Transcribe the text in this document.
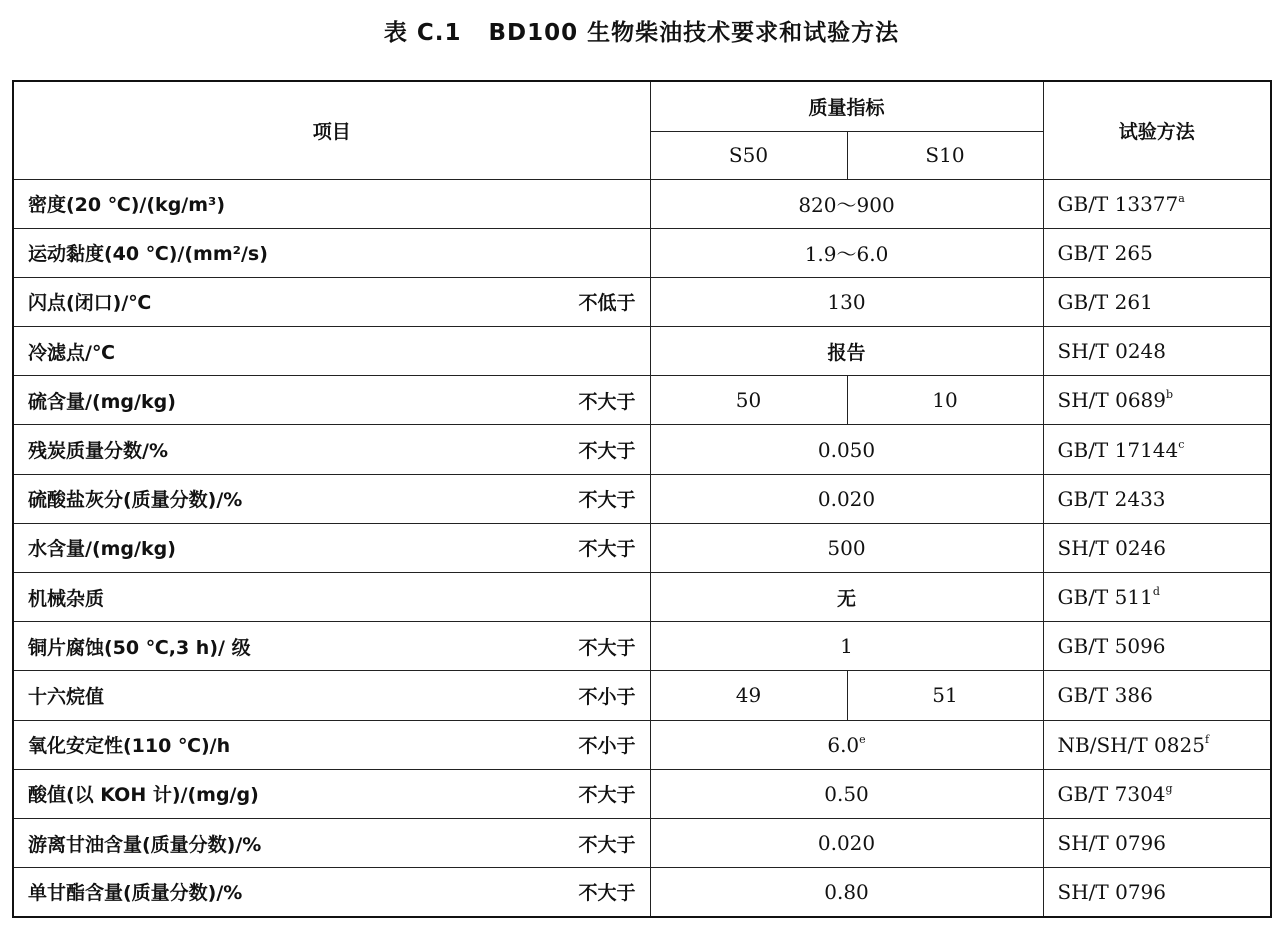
表 C.1   BD100 生物柴油技术要求和试验方法
项目	质量指标		试验方法
	S50	S10	

密度(20 ℃)/(kg/m³)	820～900		GB/T 13377$^a$

运动黏度(40 ℃)/(mm²/s)	1.9～6.0		GB/T 265

闪点(闭口)/℃ 不低于	130		GB/T 261

冷滤点/℃	报告		SH/T 0248

硫含量/(mg/kg) 不大于	50	10	SH/T 0689$^b$

残炭质量分数/% 不大于	0.050		GB/T 17144$^c$

硫酸盐灰分(质量分数)/% 不大于	0.020		GB/T 2433

水含量/(mg/kg) 不大于	500		SH/T 0246

机械杂质	无		GB/T 511$^d$

铜片腐蚀(50 ℃,3 h)/ 级 不大于	1		GB/T 5096

十六烷值 不小于	49	51	GB/T 386

氧化安定性(110 ℃)/h 不小于	6.0e		NB/SH/T 0825$^f$

酸值(以 KOH 计)/(mg/g) 不大于	0.50		GB/T 7304$^g$

游离甘油含量(质量分数)/% 不大于	0.020		SH/T 0796

单甘酯含量(质量分数)/% 不大于	0.80		SH/T 0796
